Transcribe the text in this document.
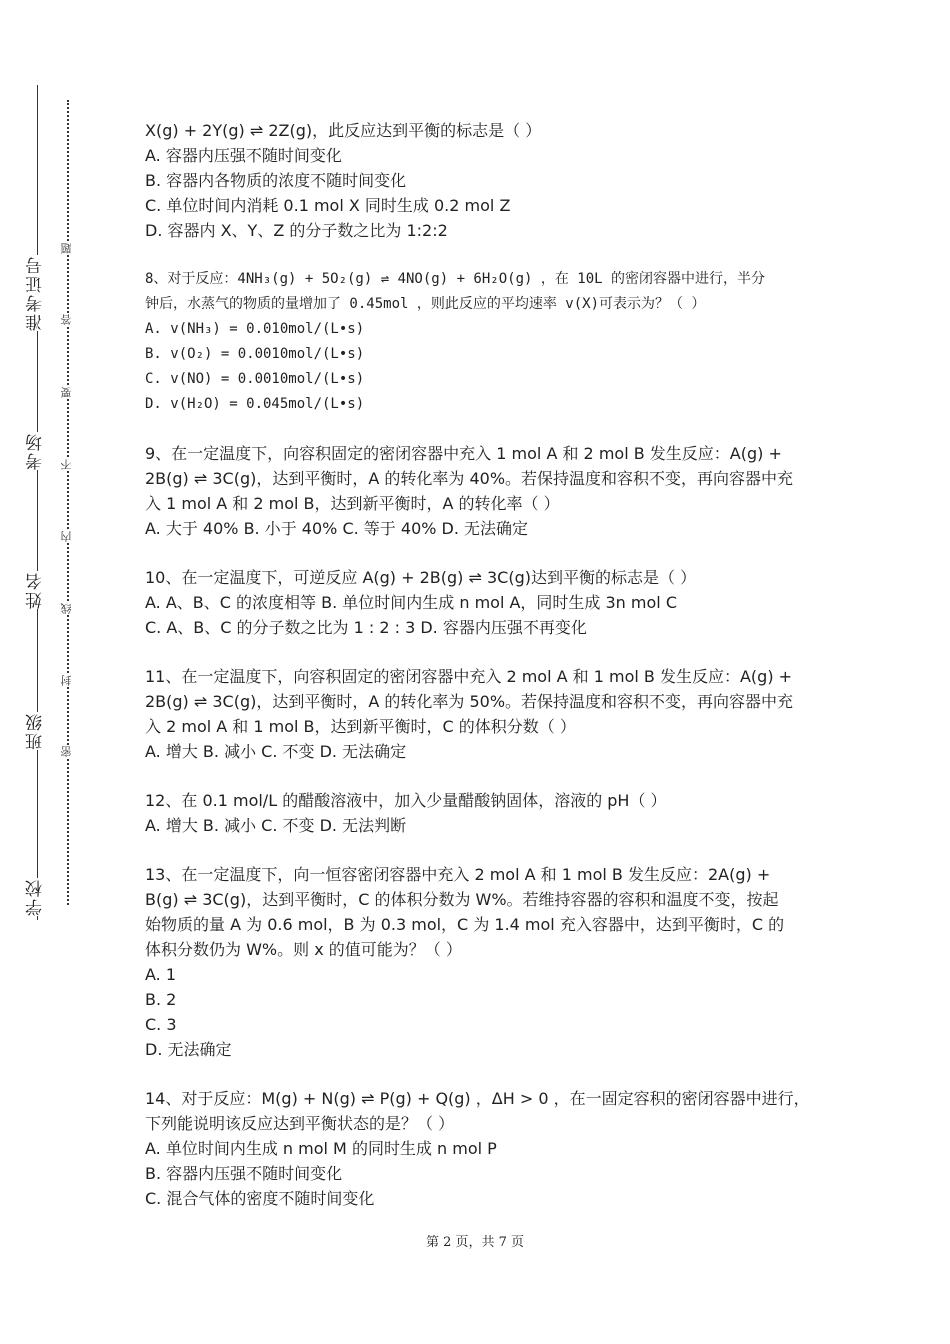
准考证号
考场
姓名
班级
学校
题
答
要
不
内
线
封
密
X(g) + 2Y(g) ⇌ 2Z(g)，此反应达到平衡的标志是（ ）
A. 容器内压强不随时间变化
B. 容器内各物质的浓度不随时间变化
C. 单位时间内消耗 0.1 mol X 同时生成 0.2 mol Z
D. 容器内 X、Y、Z 的分子数之比为 1:2:2
8、对于反应：4NH₃(g) + 5O₂(g) ⇌ 4NO(g) + 6H₂O(g) ，在 10L 的密闭容器中进行，半分
钟后，水蒸气的物质的量增加了 0.45mol ，则此反应的平均速率 v(X)可表示为？（ ）
A. v(NH₃) = 0.010mol/(L•s)
B. v(O₂) = 0.0010mol/(L•s)
C. v(NO) = 0.0010mol/(L•s)
D. v(H₂O) = 0.045mol/(L•s)
9、在一定温度下，向容积固定的密闭容器中充入 1 mol A 和 2 mol B 发生反应：A(g) +
2B(g) ⇌ 3C(g)，达到平衡时，A 的转化率为 40%。若保持温度和容积不变，再向容器中充
入 1 mol A 和 2 mol B，达到新平衡时，A 的转化率（ ）
A. 大于 40% B. 小于 40% C. 等于 40% D. 无法确定
10、在一定温度下，可逆反应 A(g) + 2B(g) ⇌ 3C(g)达到平衡的标志是（ ）
A. A、B、C 的浓度相等 B. 单位时间内生成 n mol A，同时生成 3n mol C
C. A、B、C 的分子数之比为 1 : 2 : 3 D. 容器内压强不再变化
11、在一定温度下，向容积固定的密闭容器中充入 2 mol A 和 1 mol B 发生反应：A(g) +
2B(g) ⇌ 3C(g)，达到平衡时，A 的转化率为 50%。若保持温度和容积不变，再向容器中充
入 2 mol A 和 1 mol B，达到新平衡时，C 的体积分数（ ）
A. 增大 B. 减小 C. 不变 D. 无法确定
12、在 0.1 mol/L 的醋酸溶液中，加入少量醋酸钠固体，溶液的 pH（ ）
A. 增大 B. 减小 C. 不变 D. 无法判断
13、在一定温度下，向一恒容密闭容器中充入 2 mol A 和 1 mol B 发生反应：2A(g) +
B(g) ⇌ 3C(g)，达到平衡时，C 的体积分数为 W%。若维持容器的容积和温度不变，按起
始物质的量 A 为 0.6 mol，B 为 0.3 mol，C 为 1.4 mol 充入容器中，达到平衡时，C 的
体积分数仍为 W%。则 x 的值可能为？（ ）
A. 1
B. 2
C. 3
D. 无法确定
14、对于反应：M(g) + N(g) ⇌ P(g) + Q(g) ，ΔH > 0 ，在一固定容积的密闭容器中进行，
下列能说明该反应达到平衡状态的是？（ ）
A. 单位时间内生成 n mol M 的同时生成 n mol P
B. 容器内压强不随时间变化
C. 混合气体的密度不随时间变化
第 2 页，共 7 页
